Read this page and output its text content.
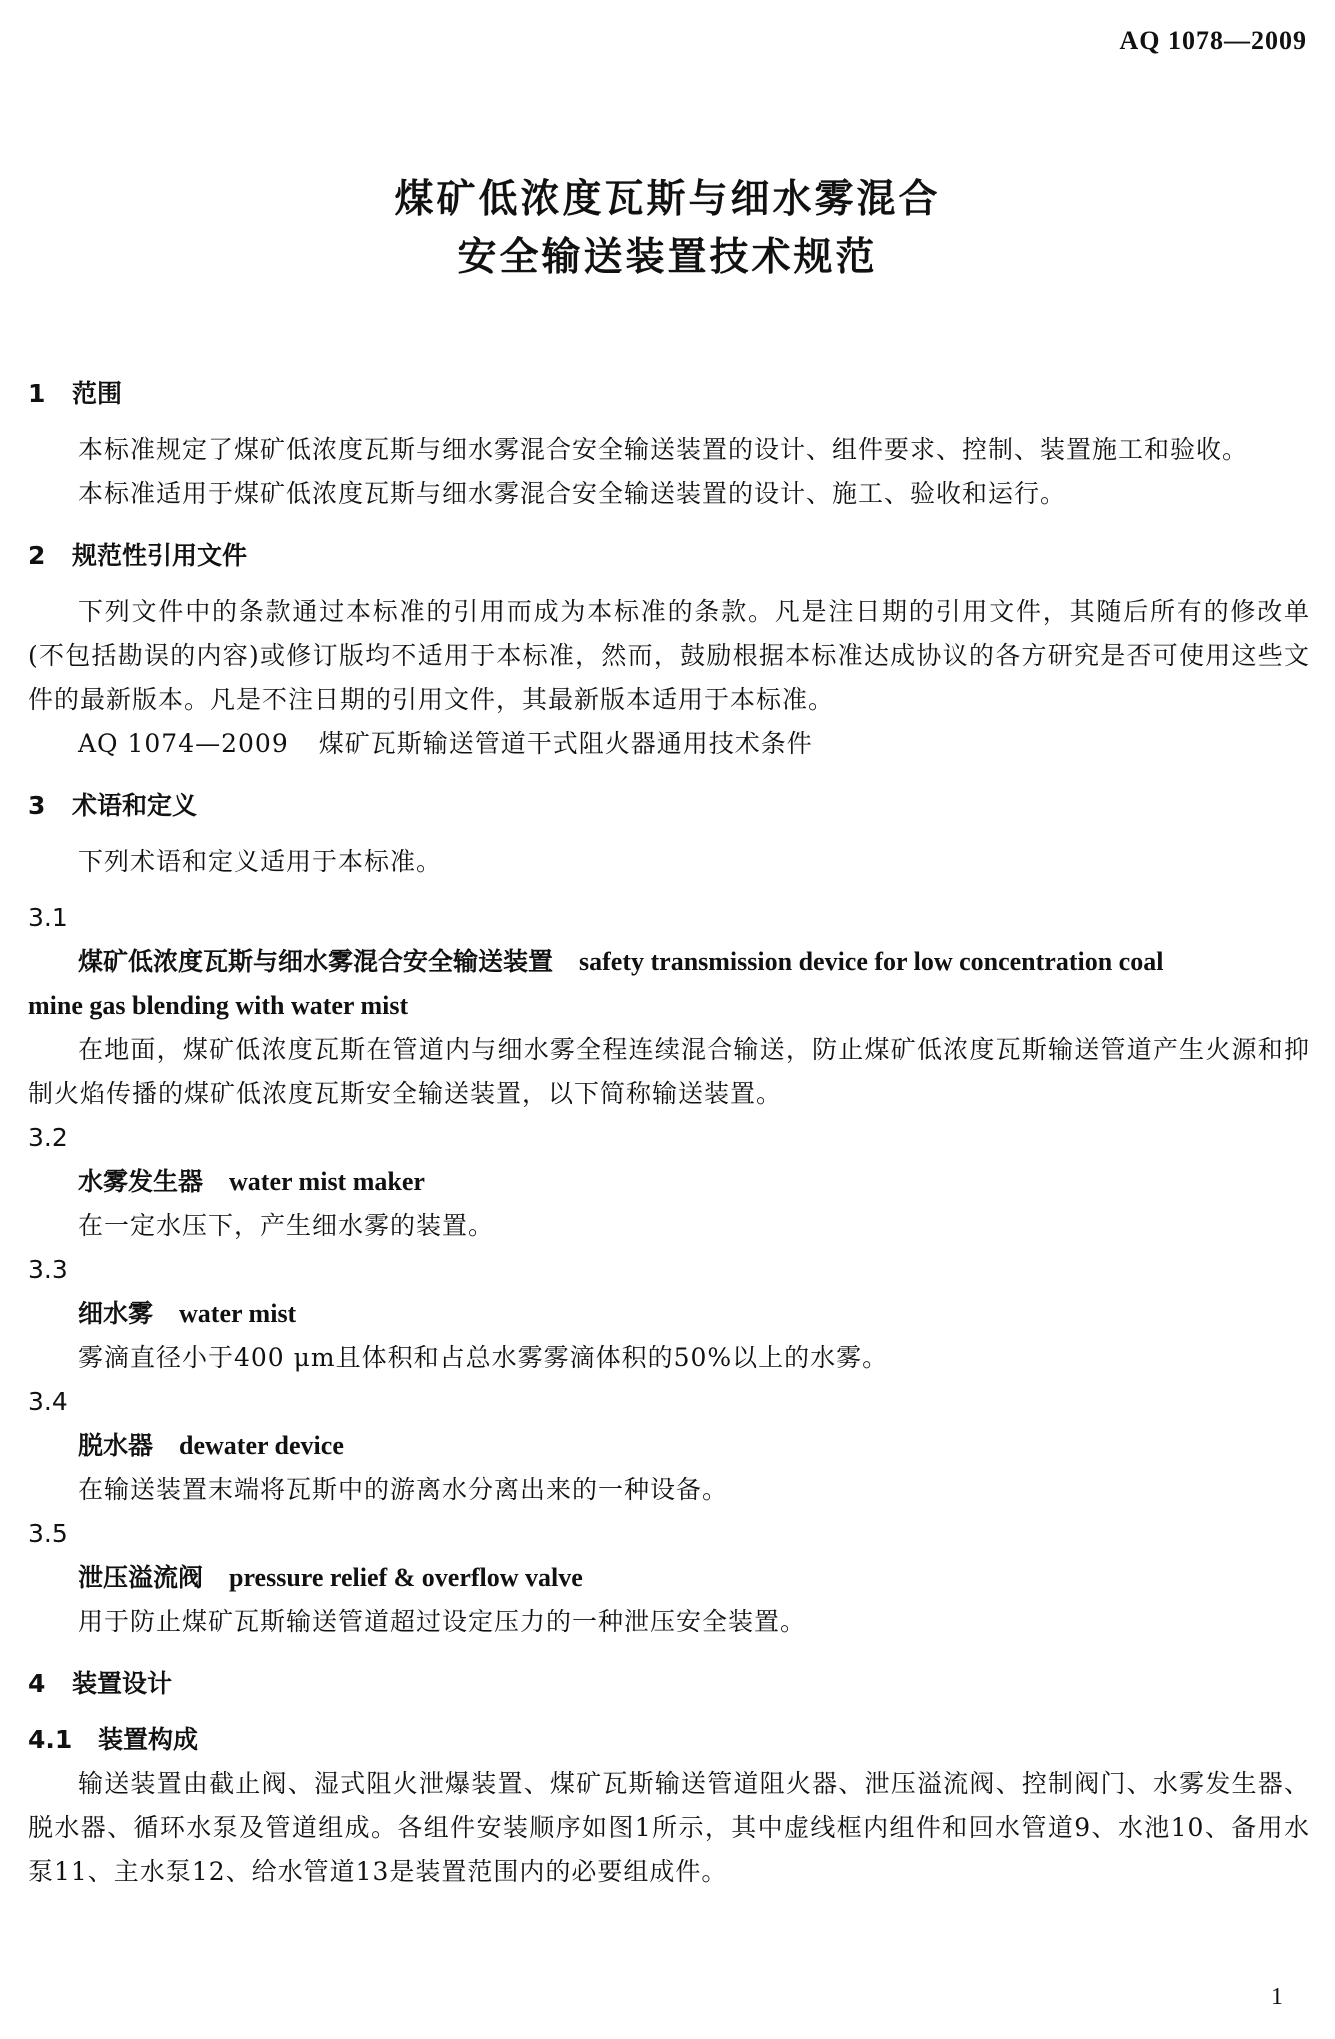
AQ 1078—2009
煤矿低浓度瓦斯与细水雾混合
安全输送装置技术规范
1 范围

本标准规定了煤矿低浓度瓦斯与细水雾混合安全输送装置的设计、组件要求、控制、装置施工和验收。

本标准适用于煤矿低浓度瓦斯与细水雾混合安全输送装置的设计、施工、验收和运行。

2 规范性引用文件

下列文件中的条款通过本标准的引用而成为本标准的条款。凡是注日期的引用文件，其随后所有的修改单(不包括勘误的内容)或修订版均不适用于本标准，然而，鼓励根据本标准达成协议的各方研究是否可使用这些文件的最新版本。凡是不注日期的引用文件，其最新版本适用于本标准。

AQ 1074—2009 煤矿瓦斯输送管道干式阻火器通用技术条件
3 术语和定义

下列术语和定义适用于本标准。

3.1
煤矿低浓度瓦斯与细水雾混合安全输送装置 safety transmission device for low concentration coal
mine gas blending with water mist

在地面，煤矿低浓度瓦斯在管道内与细水雾全程连续混合输送，防止煤矿低浓度瓦斯输送管道产生火源和抑制火焰传播的煤矿低浓度瓦斯安全输送装置，以下简称输送装置。

3.2
水雾发生器 water mist maker

在一定水压下，产生细水雾的装置。

3.3
细水雾 water mist

雾滴直径小于400 μm且体积和占总水雾雾滴体积的50%以上的水雾。

3.4
脱水器 dewater device

在输送装置末端将瓦斯中的游离水分离出来的一种设备。

3.5
泄压溢流阀 pressure relief & overflow valve

用于防止煤矿瓦斯输送管道超过设定压力的一种泄压安全装置。

4 装置设计
4.1 装置构成

输送装置由截止阀、湿式阻火泄爆装置、煤矿瓦斯输送管道阻火器、泄压溢流阀、控制阀门、水雾发生器、脱水器、循环水泵及管道组成。各组件安装顺序如图1所示，其中虚线框内组件和回水管道9、水池10、备用水泵11、主水泵12、给水管道13是装置范围内的必要组成件。

1
